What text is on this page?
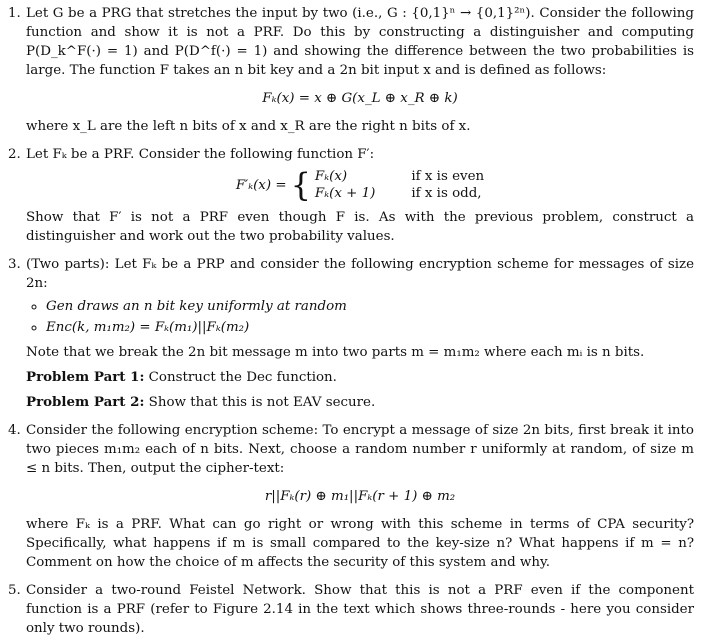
1. Let G be a PRG that stretches the input by two (i.e., G : {0,1}ⁿ → {0,1}²ⁿ). Consider the following function and show it is not a PRF. Do this by constructing a distinguisher and computing P(D_k^F(·) = 1) and P(D^f(·) = 1) and showing the difference between the two probabilities is large. The function F takes an n bit key and a 2n bit input x and is defined as follows:

Fₖ(x) = x ⊕ G(x_L ⊕ x_R ⊕ k)

where x_L are the left n bits of x and x_R are the right n bits of x.

2. Let Fₖ be a PRF. Consider the following function F′:

F′ₖ(x) = { Fₖ(x)	if x is even
Fₖ(x + 1)	if x is odd,

Show that F′ is not a PRF even though F is. As with the previous problem, construct a distinguisher and work out the two probability values.

3. (Two parts): Let Fₖ be a PRP and consider the following encryption scheme for messages of size 2n:

◦ Gen draws an n bit key uniformly at random
◦ Enc(k, m₁m₂) = Fₖ(m₁)||Fₖ(m₂)

Note that we break the 2n bit message m into two parts m = m₁m₂ where each mᵢ is n bits.

Problem Part 1: Construct the Dec function.

Problem Part 2: Show that this is not EAV secure.

4. Consider the following encryption scheme: To encrypt a message of size 2n bits, first break it into two pieces m₁m₂ each of n bits. Next, choose a random number r uniformly at random, of size m ≤ n bits. Then, output the cipher-text:

r||Fₖ(r) ⊕ m₁||Fₖ(r + 1) ⊕ m₂

where Fₖ is a PRF. What can go right or wrong with this scheme in terms of CPA security? Specifically, what happens if m is small compared to the key-size n? What happens if m = n? Comment on how the choice of m affects the security of this system and why.

5. Consider a two-round Feistel Network. Show that this is not a PRF even if the component function is a PRF (refer to Figure 2.14 in the text which shows three-rounds - here you consider only two rounds).
